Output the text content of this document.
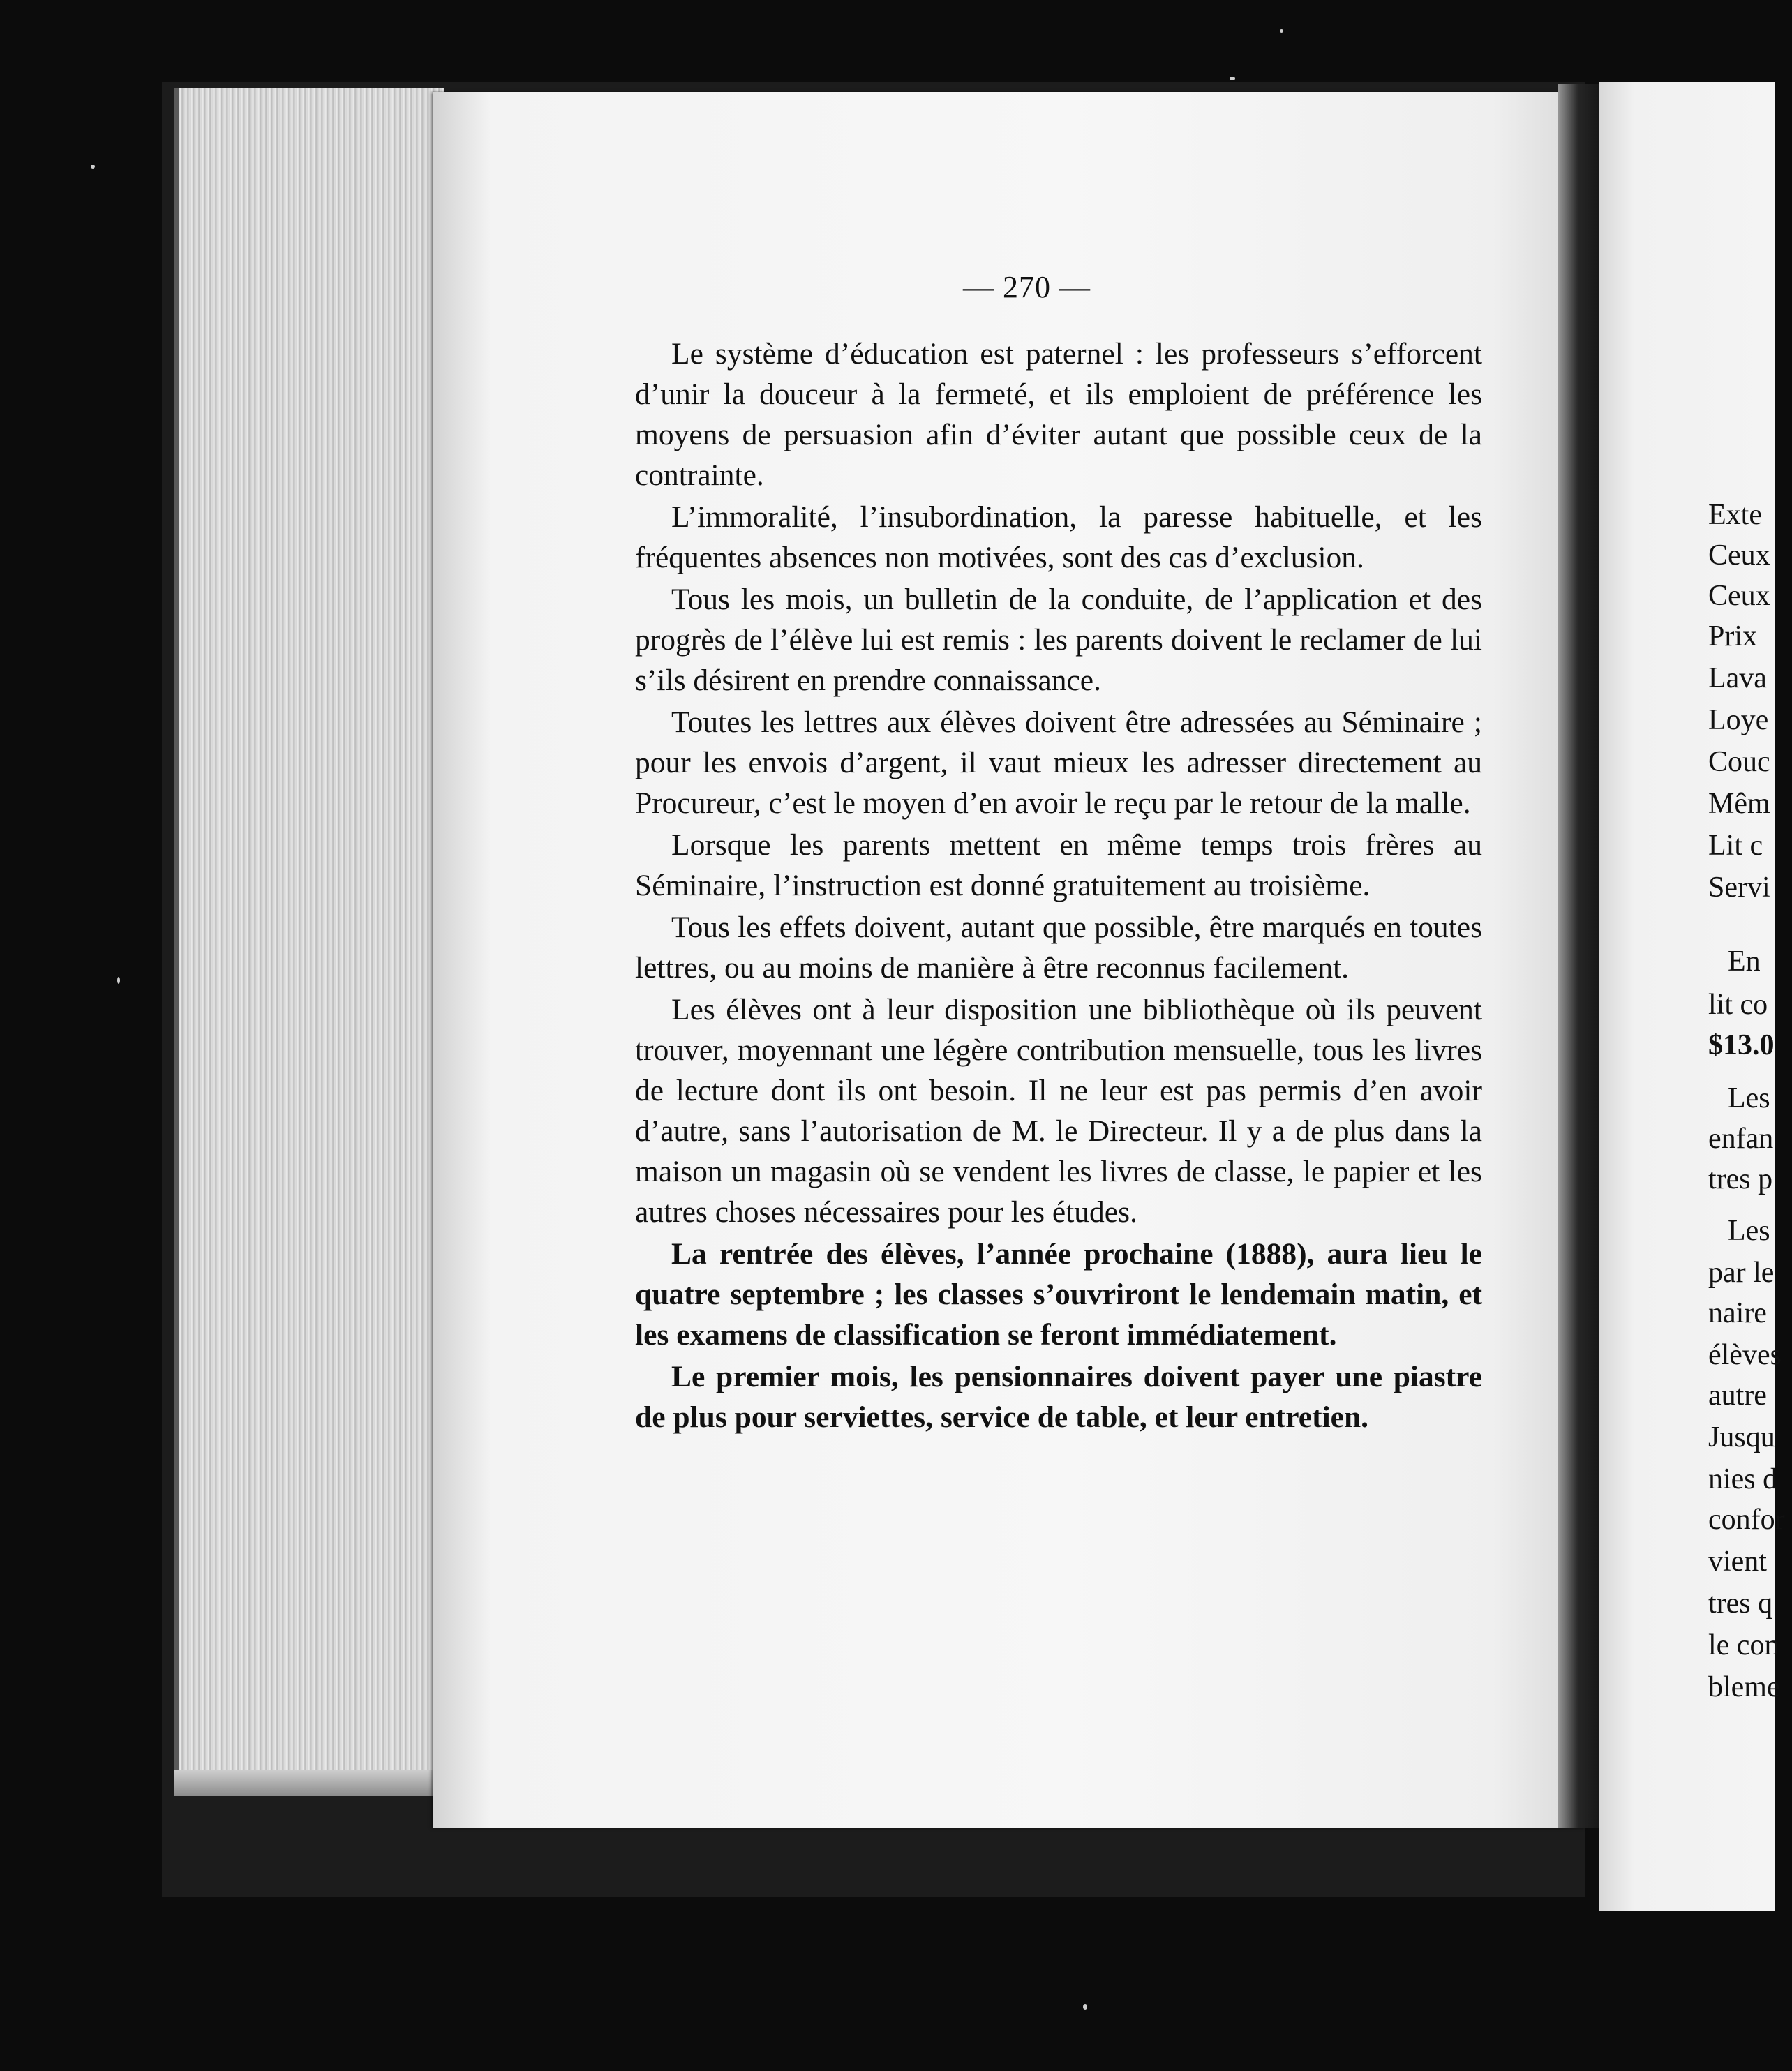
— 270 —

Le système d’éducation est paternel : les professeurs s’efforcent d’unir la douceur à la fermeté, et ils emploient de préférence les moyens de persuasion afin d’éviter autant que possible ceux de la contrainte.

L’immoralité, l’insubordination, la paresse habituelle, et les fréquentes absences non motivées, sont des cas d’exclusion.

Tous les mois, un bulletin de la conduite, de l’application et des progrès de l’élève lui est remis : les parents doivent le reclamer de lui s’ils désirent en prendre connaissance.

Toutes les lettres aux élèves doivent être adressées au Séminaire ; pour les envois d’argent, il vaut mieux les adresser directement au Procureur, c’est le moyen d’en avoir le reçu par le retour de la malle.

Lorsque les parents mettent en même temps trois frères au Séminaire, l’instruction est donné gratuitement au troisième.

Tous les effets doivent, autant que possible, être marqués en toutes lettres, ou au moins de manière à être reconnus facilement.

Les élèves ont à leur disposition une bibliothèque où ils peuvent trouver, moyennant une légère contribution mensuelle, tous les livres de lecture dont ils ont besoin. Il ne leur est pas permis d’en avoir d’autre, sans l’autorisation de M. le Directeur. Il y a de plus dans la maison un magasin où se vendent les livres de classe, le papier et les autres choses nécessaires pour les études.

La rentrée des élèves, l’année prochaine (1888), aura lieu le quatre septembre ; les classes s’ouvriront le lendemain matin, et les examens de classification se feront immédiatement.

Le premier mois, les pensionnaires doivent payer une piastre de plus pour serviettes, service de table, et leur entretien.

Exte
Ceux
Ceux
Prix
Lava
Loye
Couc
Mêm
Lit c
Servi
En
lit co
$13.0
Les
enfan
tres p
Les
par le
naire
élèves
autre
Jusqu
nies d
confor
vient
tres q
le con
bleme
